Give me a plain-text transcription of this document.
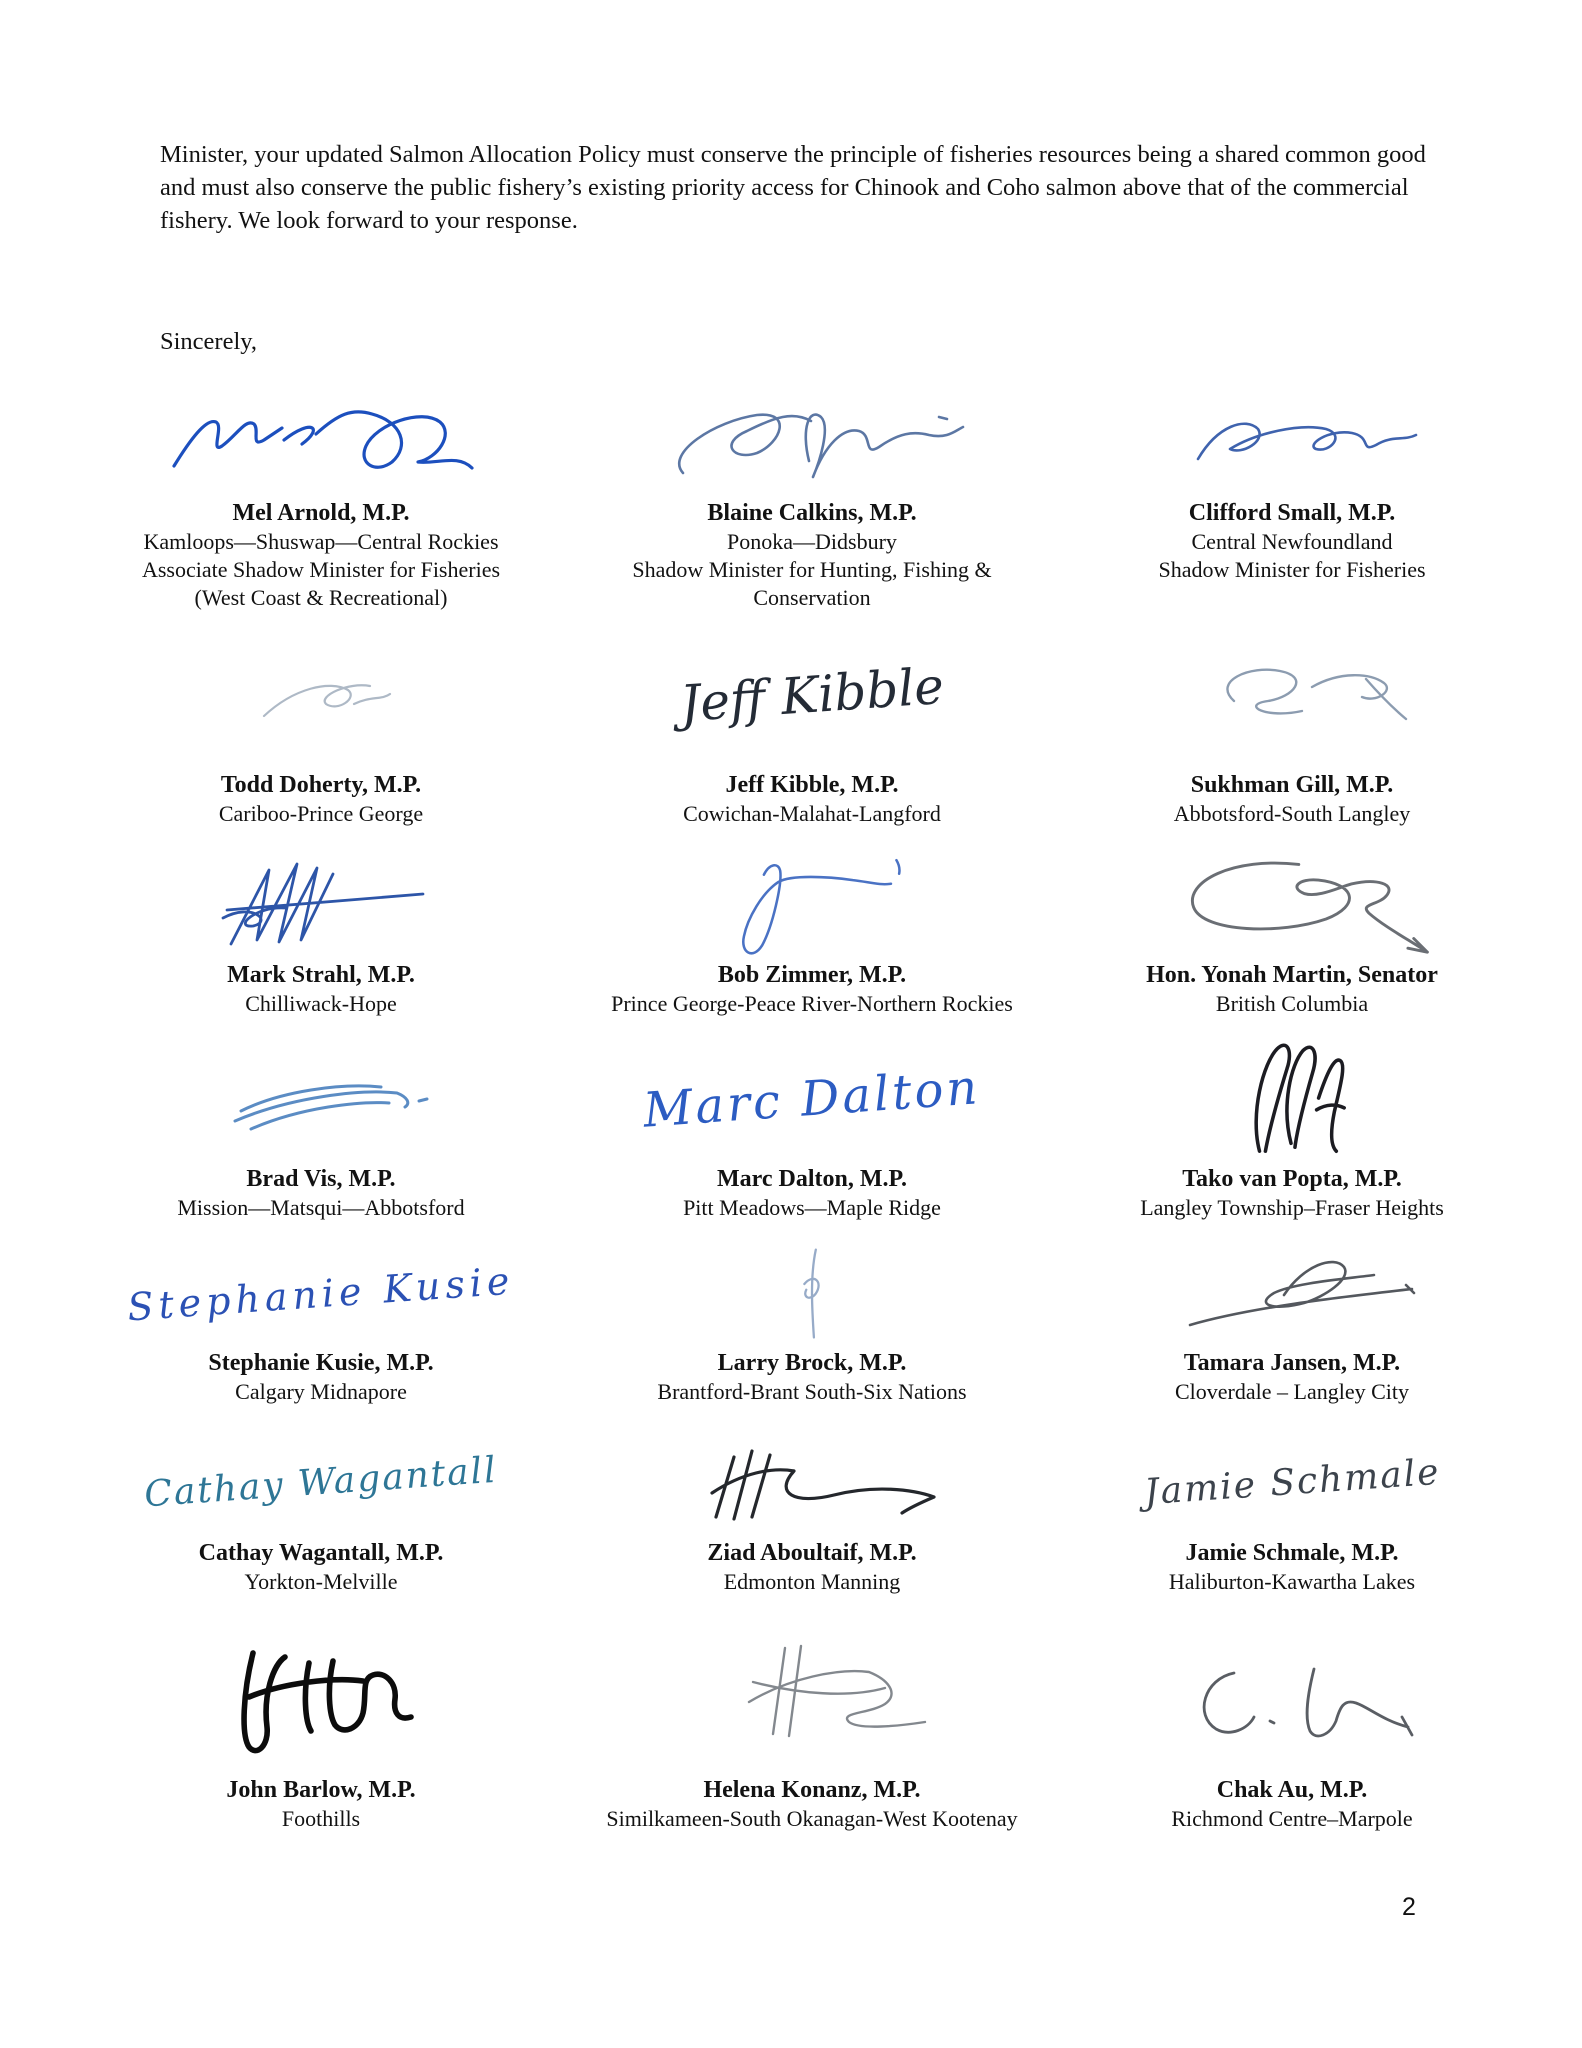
Minister, your updated Salmon Allocation Policy must conserve the principle of fisheries resources being a shared common good and must also conserve the public fishery’s existing priority access for Chinook and Coho salmon above that of the commercial fishery. We look forward to your response.
Sincerely,
Mel Arnold, M.P.
Kamloops—Shuswap—Central Rockies
Associate Shadow Minister for Fisheries
(West Coast & Recreational)
Blaine Calkins, M.P.
Ponoka—Didsbury
Shadow Minister for Hunting, Fishing &
Conservation
Clifford Small, M.P.
Central Newfoundland
Shadow Minister for Fisheries
Todd Doherty, M.P.
Cariboo-Prince George
Jeff Kibble
Jeff Kibble, M.P.
Cowichan-Malahat-Langford
Sukhman Gill, M.P.
Abbotsford-South Langley
Mark Strahl, M.P.
Chilliwack-Hope
Bob Zimmer, M.P.
Prince George-Peace River-Northern Rockies
Hon. Yonah Martin, Senator
British Columbia
Brad Vis, M.P.
Mission—Matsqui—Abbotsford
Marc Dalton
Marc Dalton, M.P.
Pitt Meadows—Maple Ridge
Tako van Popta, M.P.
Langley Township–Fraser Heights
Stephanie Kusie
Stephanie Kusie, M.P.
Calgary Midnapore
Larry Brock, M.P.
Brantford-Brant South-Six Nations
Tamara Jansen, M.P.
Cloverdale – Langley City
Cathay Wagantall
Cathay Wagantall, M.P.
Yorkton-Melville
Ziad Aboultaif, M.P.
Edmonton Manning
Jamie Schmale
Jamie Schmale, M.P.
Haliburton-Kawartha Lakes
John Barlow, M.P.
Foothills
Helena Konanz, M.P.
Similkameen-South Okanagan-West Kootenay
Chak Au, M.P.
Richmond Centre–Marpole
2
